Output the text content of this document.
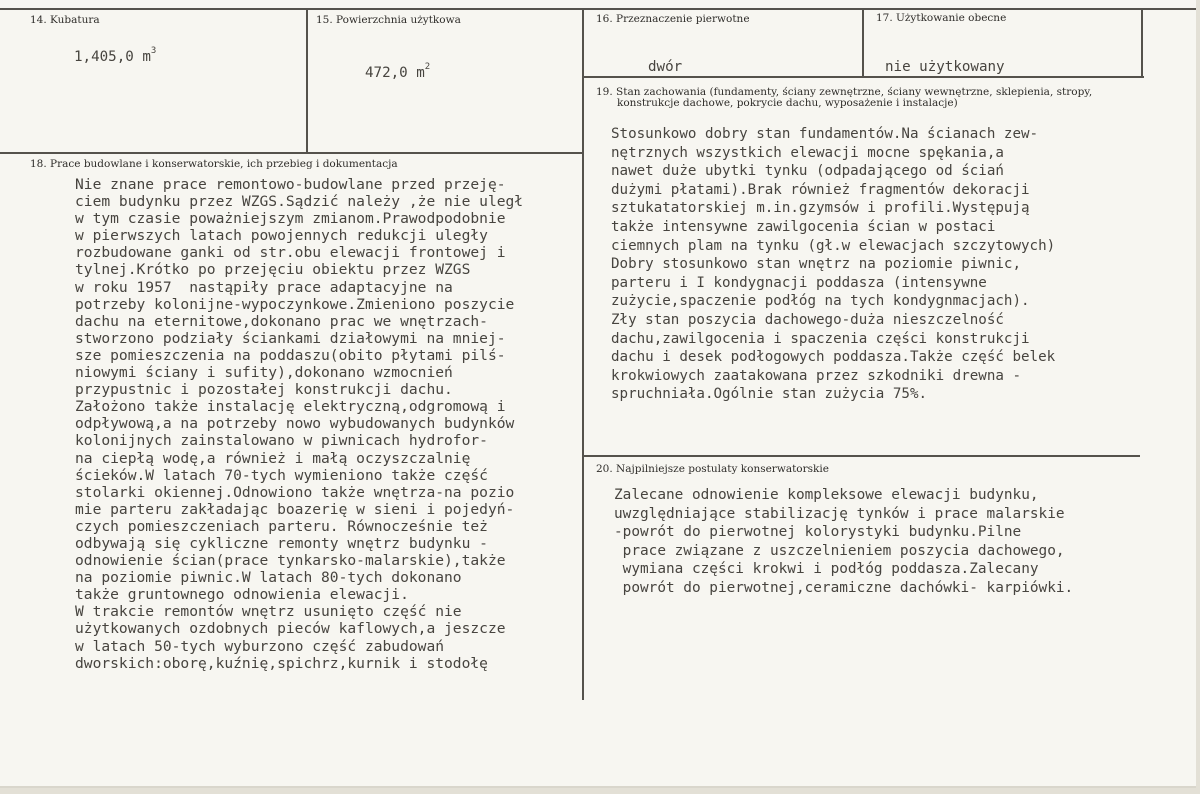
14. Kubatura
1,405,0 $m^3$
15. Powierzchnia użytkowa
472,0 $m^2$
16. Przeznaczenie pierwotne
dwór
17. Użytkowanie obecne
nie użytkowany
19. Stan zachowania (fundamenty, ściany zewnętrzne, ściany wewnętrzne, sklepienia, stropy,
konstrukcje dachowe, pokrycie dachu, wyposażenie i instalacje)
Stosunkowo dobry stan fundamentów.Na ścianach zew-
nętrznych wszystkich elewacji mocne spękania,a
nawet duże ubytki tynku (odpadającego od ściań
dużymi płatami).Brak również fragmentów dekoracji
sztukatatorskiej m.in.gzymsów i profili.Występują
także intensywne zawilgocenia ścian w postaci
ciemnych plam na tynku (gł.w elewacjach szczytowych)
Dobry stosunkowo stan wnętrz na poziomie piwnic,
parteru i I kondygnacji poddasza (intensywne
zużycie,spaczenie podłóg na tych kondygnmacjach).
Zły stan poszycia dachowego-duża nieszczelność
dachu,zawilgocenia i spaczenia części konstrukcji
dachu i desek podłogowych poddasza.Także część belek
krokwiowych zaatakowana przez szkodniki drewna -
spruchniała.Ogólnie stan zużycia 75%.
18. Prace budowlane i konserwatorskie, ich przebieg i dokumentacja
Nie znane prace remontowo-budowlane przed przeję-
ciem budynku przez WZGS.Sądzić należy ,że nie uległ
w tym czasie poważniejszym zmianom.Prawodpodobnie
w pierwszych latach powojennych redukcji uległy
rozbudowane ganki od str.obu elewacji frontowej i
tylnej.Krótko po przejęciu obiektu przez WZGS
w roku 1957  nastąpiły prace adaptacyjne na
potrzeby kolonijne-wypoczynkowe.Zmieniono poszycie
dachu na eternitowe,dokonano prac we wnętrzach-
stworzono podziały ściankami działowymi na mniej-
sze pomieszczenia na poddaszu(obito płytami pilś-
niowymi ściany i sufity),dokonano wzmocnień
przypustnic i pozostałej konstrukcji dachu.
Założono także instalację elektryczną,odgromową i
odpływową,a na potrzeby nowo wybudowanych budynków
kolonijnych zainstalowano w piwnicach hydrofor-
na ciepłą wodę,a również i małą oczyszczalnię
ścieków.W latach 70-tych wymieniono także część
stolarki okiennej.Odnowiono także wnętrza-na pozio
mie parteru zakładając boazerię w sieni i pojedyń-
czych pomieszczeniach parteru. Równocześnie też
odbywają się cykliczne remonty wnętrz budynku -
odnowienie ścian(prace tynkarsko-malarskie),także
na poziomie piwnic.W latach 80-tych dokonano
także gruntownego odnowienia elewacji.
W trakcie remontów wnętrz usunięto część nie
użytkowanych ozdobnych pieców kaflowych,a jeszcze
w latach 50-tych wyburzono część zabudowań
dworskich:oborę,kuźnię,spichrz,kurnik i stodołę
20. Najpilniejsze postulaty konserwatorskie
Zalecane odnowienie kompleksowe elewacji budynku,
uwzględniające stabilizację tynków i prace malarskie
-powrót do pierwotnej kolorystyki budynku.Pilne
prace związane z uszczelnieniem poszycia dachowego,
wymiana części krokwi i podłóg poddasza.Zalecany
powrót do pierwotnej,ceramiczne dachówki- karpiówki.
